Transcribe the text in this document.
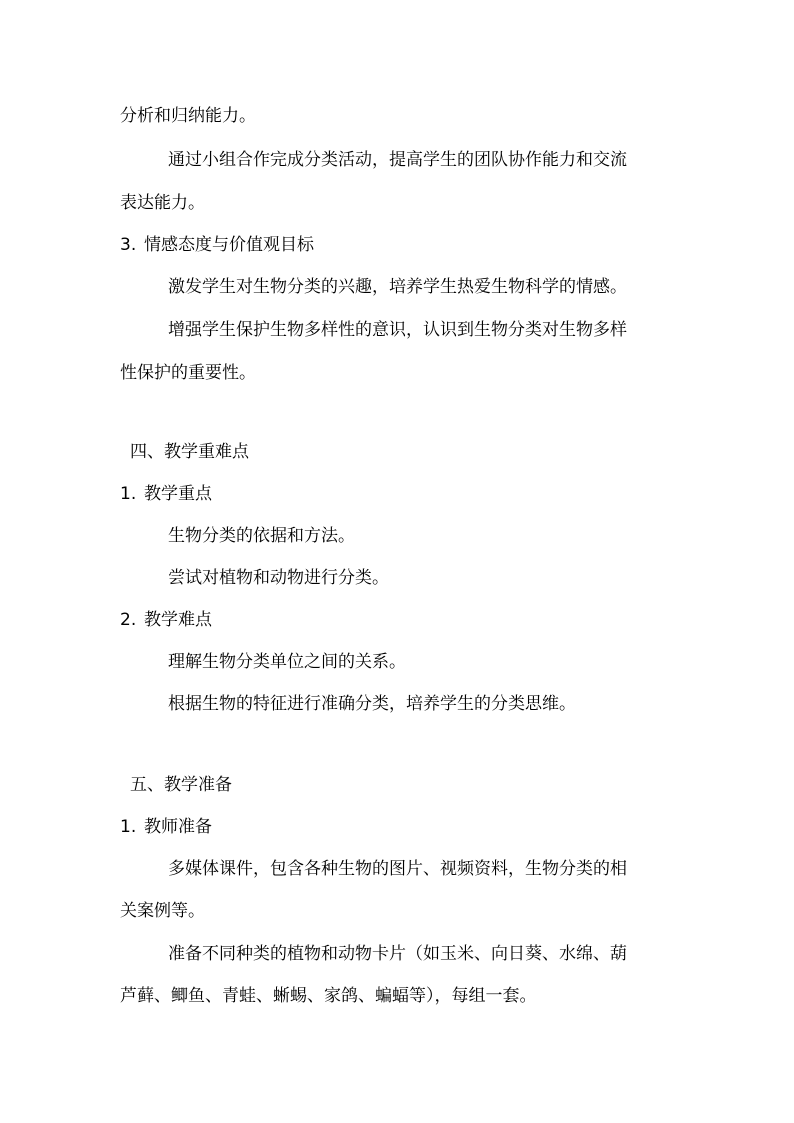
分析和归纳能力。
通过小组合作完成分类活动，提高学生的团队协作能力和交流
表达能力。
3. 情感态度与价值观目标
激发学生对生物分类的兴趣，培养学生热爱生物科学的情感。
增强学生保护生物多样性的意识，认识到生物分类对生物多样
性保护的重要性。
四、教学重难点
1. 教学重点
生物分类的依据和方法。
尝试对植物和动物进行分类。
2. 教学难点
理解生物分类单位之间的关系。
根据生物的特征进行准确分类，培养学生的分类思维。
五、教学准备
1. 教师准备
多媒体课件，包含各种生物的图片、视频资料，生物分类的相
关案例等。
准备不同种类的植物和动物卡片（如玉米、向日葵、水绵、葫
芦藓、鲫鱼、青蛙、蜥蜴、家鸽、蝙蝠等），每组一套。
